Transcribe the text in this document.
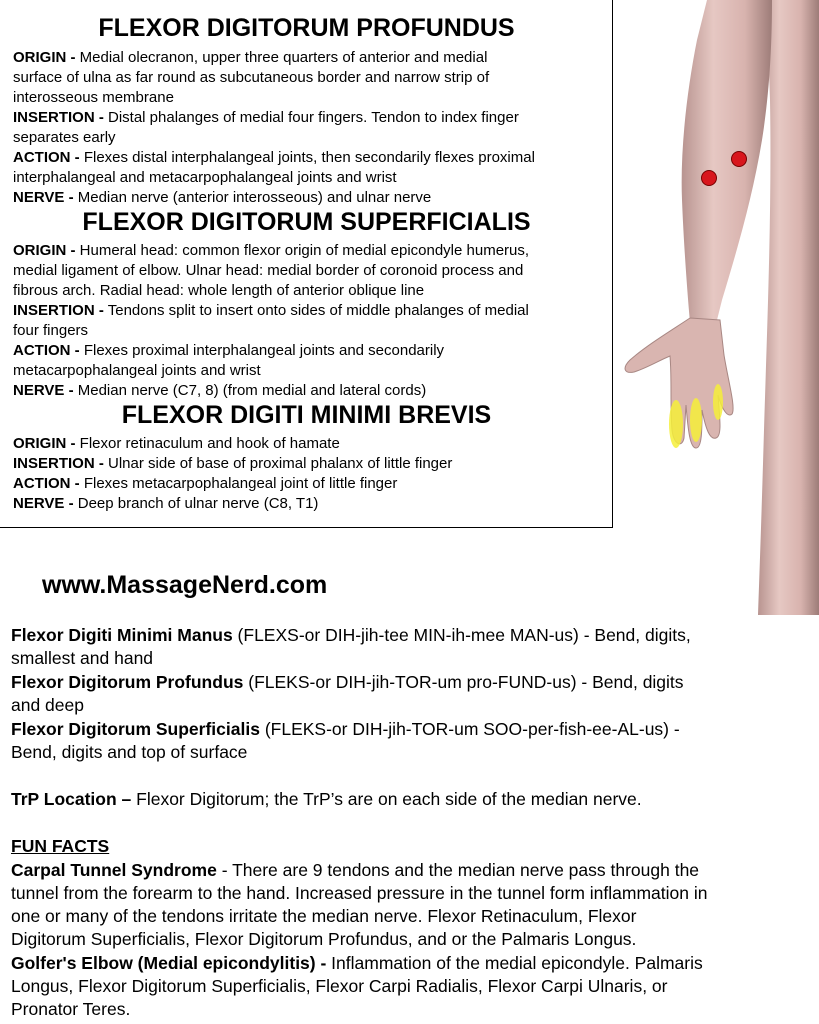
FLEXOR DIGITORUM PROFUNDUS
ORIGIN - Medial olecranon, upper three quarters of anterior and medial
surface of ulna as far round as subcutaneous border and narrow strip of
interosseous membrane
INSERTION - Distal phalanges of medial four fingers. Tendon to index finger
separates early
ACTION - Flexes distal interphalangeal joints, then secondarily flexes proximal
interphalangeal and metacarpophalangeal joints and wrist
NERVE - Median nerve (anterior interosseous) and ulnar nerve
FLEXOR DIGITORUM SUPERFICIALIS
ORIGIN - Humeral head: common flexor origin of medial epicondyle humerus,
medial ligament of elbow. Ulnar head: medial border of coronoid process and
fibrous arch. Radial head: whole length of anterior oblique line
INSERTION - Tendons split to insert onto sides of middle phalanges of medial
four fingers
ACTION - Flexes proximal interphalangeal joints and secondarily
metacarpophalangeal joints and wrist
NERVE - Median nerve (C7, 8) (from medial and lateral cords)
FLEXOR DIGITI MINIMI BREVIS
ORIGIN - Flexor retinaculum and hook of hamate
INSERTION - Ulnar side of base of proximal phalanx of little finger
ACTION - Flexes metacarpophalangeal joint of little finger
NERVE - Deep branch of ulnar nerve (C8, T1)
www.MassageNerd.com
Flexor Digiti Minimi Manus (FLEXS-or DIH-jih-tee MIN-ih-mee MAN-us) - Bend, digits,
smallest and hand
Flexor Digitorum Profundus (FLEKS-or DIH-jih-TOR-um pro-FUND-us) - Bend, digits
and deep
Flexor Digitorum Superficialis (FLEKS-or DIH-jih-TOR-um SOO-per-fish-ee-AL-us) -
Bend, digits and top of surface
TrP Location – Flexor Digitorum; the TrP’s are on each side of the median nerve.
FUN FACTS
Carpal Tunnel Syndrome - There are 9 tendons and the median nerve pass through the
tunnel from the forearm to the hand. Increased pressure in the tunnel form inflammation in
one or many of the tendons irritate the median nerve. Flexor Retinaculum, Flexor
Digitorum Superficialis, Flexor Digitorum Profundus, and or the Palmaris Longus.
Golfer's Elbow (Medial epicondylitis) - Inflammation of the medial epicondyle. Palmaris
Longus, Flexor Digitorum Superficialis, Flexor Carpi Radialis, Flexor Carpi Ulnaris, or
Pronator Teres.
